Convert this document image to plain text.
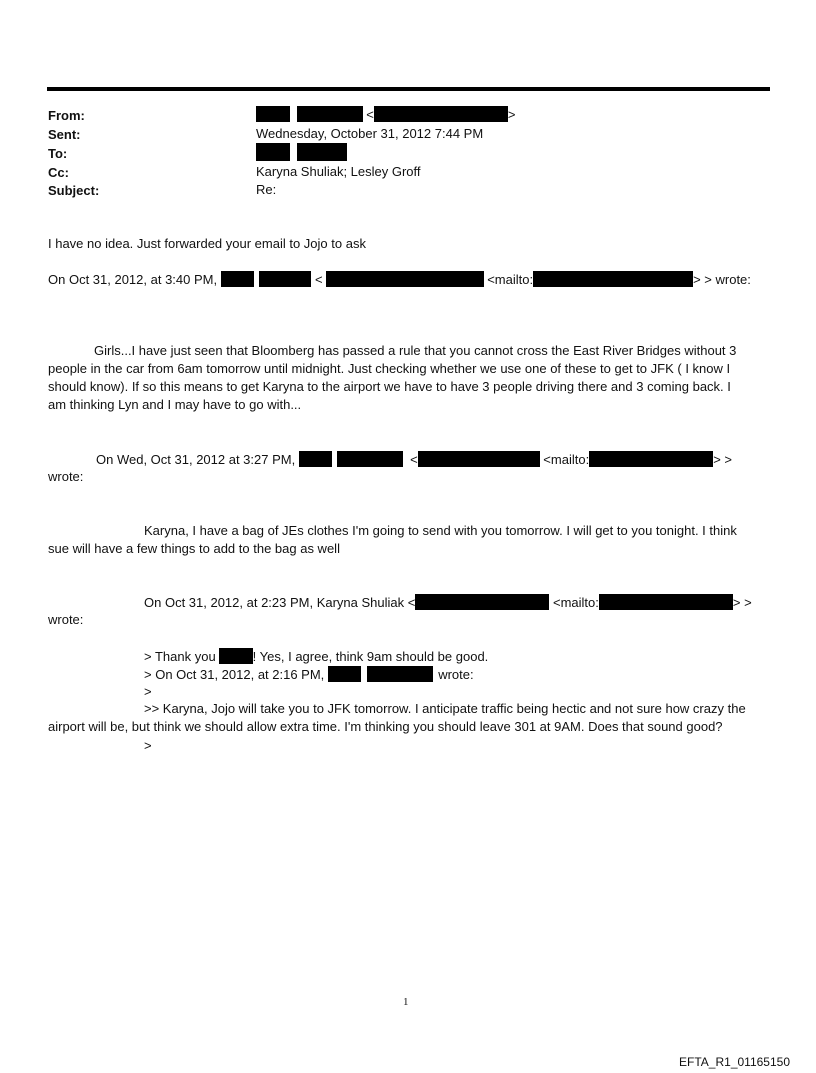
From:	<	>
Sent:	Wednesday, October 31, 2012 7:44 PM
To:

Cc:	Karyna Shuliak; Lesley Groff
Subject:	Re:
I have no idea. Just forwarded your email to Jojo to ask
On Oct 31, 2012, at 3:40 PM,	<	<mailto:	> > wrote:
Girls...I have just seen that Bloomberg has passed a rule that you cannot cross the East River Bridges without 3
people in the car from 6am tomorrow until midnight. Just checking whether we use one of these to get to JFK ( I know I
should know). If so this means to get Karyna to the airport we have to have 3 people driving there and 3 coming back. I
am thinking Lyn and I may have to go with...
On Wed, Oct 31, 2012 at 3:27 PM,	<	<mailto:	> >
wrote:
Karyna, I have a bag of JEs clothes I'm going to send with you tomorrow. I will get to you tonight. I think
sue will have a few things to add to the bag as well
On Oct 31, 2012, at 2:23 PM, Karyna Shuliak <	<mailto:	> >
wrote:
> Thank you	! Yes, I agree, think 9am should be good.
> On Oct 31, 2012, at 2:16 PM,	wrote:
>
>> Karyna, Jojo will take you to JFK tomorrow. I anticipate traffic being hectic and not sure how crazy the
airport will be, but think we should allow extra time. I'm thinking you should leave 301 at 9AM. Does that sound good?
>
1
EFTA_R1_01165150
